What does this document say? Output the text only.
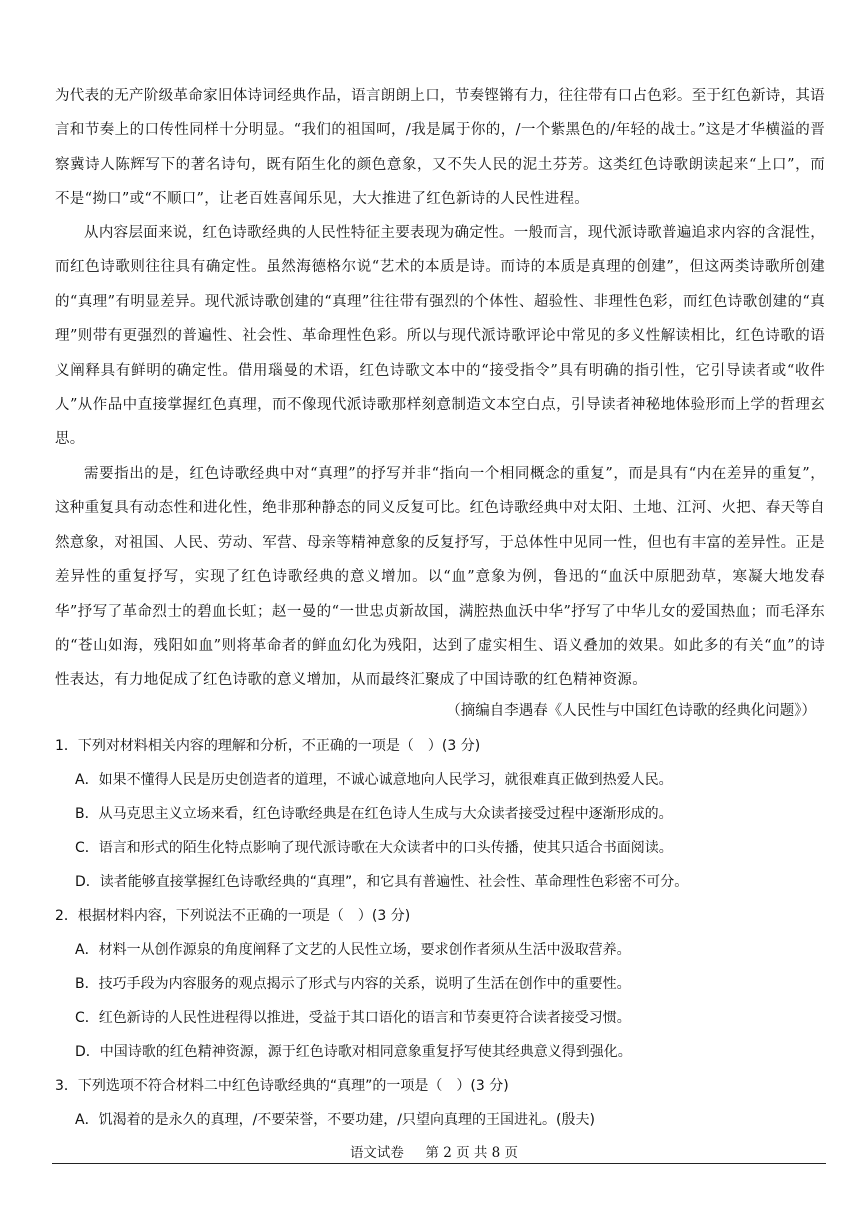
为代表的无产阶级革命家旧体诗词经典作品，语言朗朗上口，节奏铿锵有力，往往带有口占色彩。至于红色新诗，其语言和节奏上的口传性同样十分明显。“我们的祖国呵，/我是属于你的，/一个紫黑色的/年轻的战士。”这是才华横溢的晋察冀诗人陈辉写下的著名诗句，既有陌生化的颜色意象，又不失人民的泥土芬芳。这类红色诗歌朗读起来“上口”，而不是“拗口”或“不顺口”，让老百姓喜闻乐见，大大推进了红色新诗的人民性进程。

从内容层面来说，红色诗歌经典的人民性特征主要表现为确定性。一般而言，现代派诗歌普遍追求内容的含混性，而红色诗歌则往往具有确定性。虽然海德格尔说“艺术的本质是诗。而诗的本质是真理的创建”，但这两类诗歌所创建的“真理”有明显差异。现代派诗歌创建的“真理”往往带有强烈的个体性、超验性、非理性色彩，而红色诗歌创建的“真理”则带有更强烈的普遍性、社会性、革命理性色彩。所以与现代派诗歌评论中常见的多义性解读相比，红色诗歌的语义阐释具有鲜明的确定性。借用瑙曼的术语，红色诗歌文本中的“接受指令”具有明确的指引性，它引导读者或“收件人”从作品中直接掌握红色真理，而不像现代派诗歌那样刻意制造文本空白点，引导读者神秘地体验形而上学的哲理玄思。

需要指出的是，红色诗歌经典中对“真理”的抒写并非“指向一个相同概念的重复”，而是具有“内在差异的重复”，这种重复具有动态性和进化性，绝非那种静态的同义反复可比。红色诗歌经典中对太阳、土地、江河、火把、春天等自然意象，对祖国、人民、劳动、军营、母亲等精神意象的反复抒写，于总体性中见同一性，但也有丰富的差异性。正是差异性的重复抒写，实现了红色诗歌经典的意义增加。以“血”意象为例，鲁迅的“血沃中原肥劲草，寒凝大地发春华”抒写了革命烈士的碧血长虹；赵一曼的“一世忠贞新故国，满腔热血沃中华”抒写了中华儿女的爱国热血；而毛泽东的“苍山如海，残阳如血”则将革命者的鲜血幻化为残阳，达到了虚实相生、语义叠加的效果。如此多的有关“血”的诗性表达，有力地促成了红色诗歌的意义增加，从而最终汇聚成了中国诗歌的红色精神资源。

（摘编自李遇春《人民性与中国红色诗歌的经典化问题》）

1．下列对材料相关内容的理解和分析，不正确的一项是（　）(3 分)

A．如果不懂得人民是历史创造者的道理，不诚心诚意地向人民学习，就很难真正做到热爱人民。

B．从马克思主义立场来看，红色诗歌经典是在红色诗人生成与大众读者接受过程中逐渐形成的。

C．语言和形式的陌生化特点影响了现代派诗歌在大众读者中的口头传播，使其只适合书面阅读。

D．读者能够直接掌握红色诗歌经典的“真理”，和它具有普遍性、社会性、革命理性色彩密不可分。

2．根据材料内容，下列说法不正确的一项是（　）(3 分)

A．材料一从创作源泉的角度阐释了文艺的人民性立场，要求创作者须从生活中汲取营养。

B．技巧手段为内容服务的观点揭示了形式与内容的关系，说明了生活在创作中的重要性。

C．红色新诗的人民性进程得以推进，受益于其口语化的语言和节奏更符合读者接受习惯。

D．中国诗歌的红色精神资源，源于红色诗歌对相同意象重复抒写使其经典意义得到强化。

3．下列选项不符合材料二中红色诗歌经典的“真理”的一项是（　）(3 分)

A．饥渴着的是永久的真理，/不要荣誉，不要功建，/只望向真理的王国进礼。(殷夫)

语文试卷 第 2 页 共 8 页
